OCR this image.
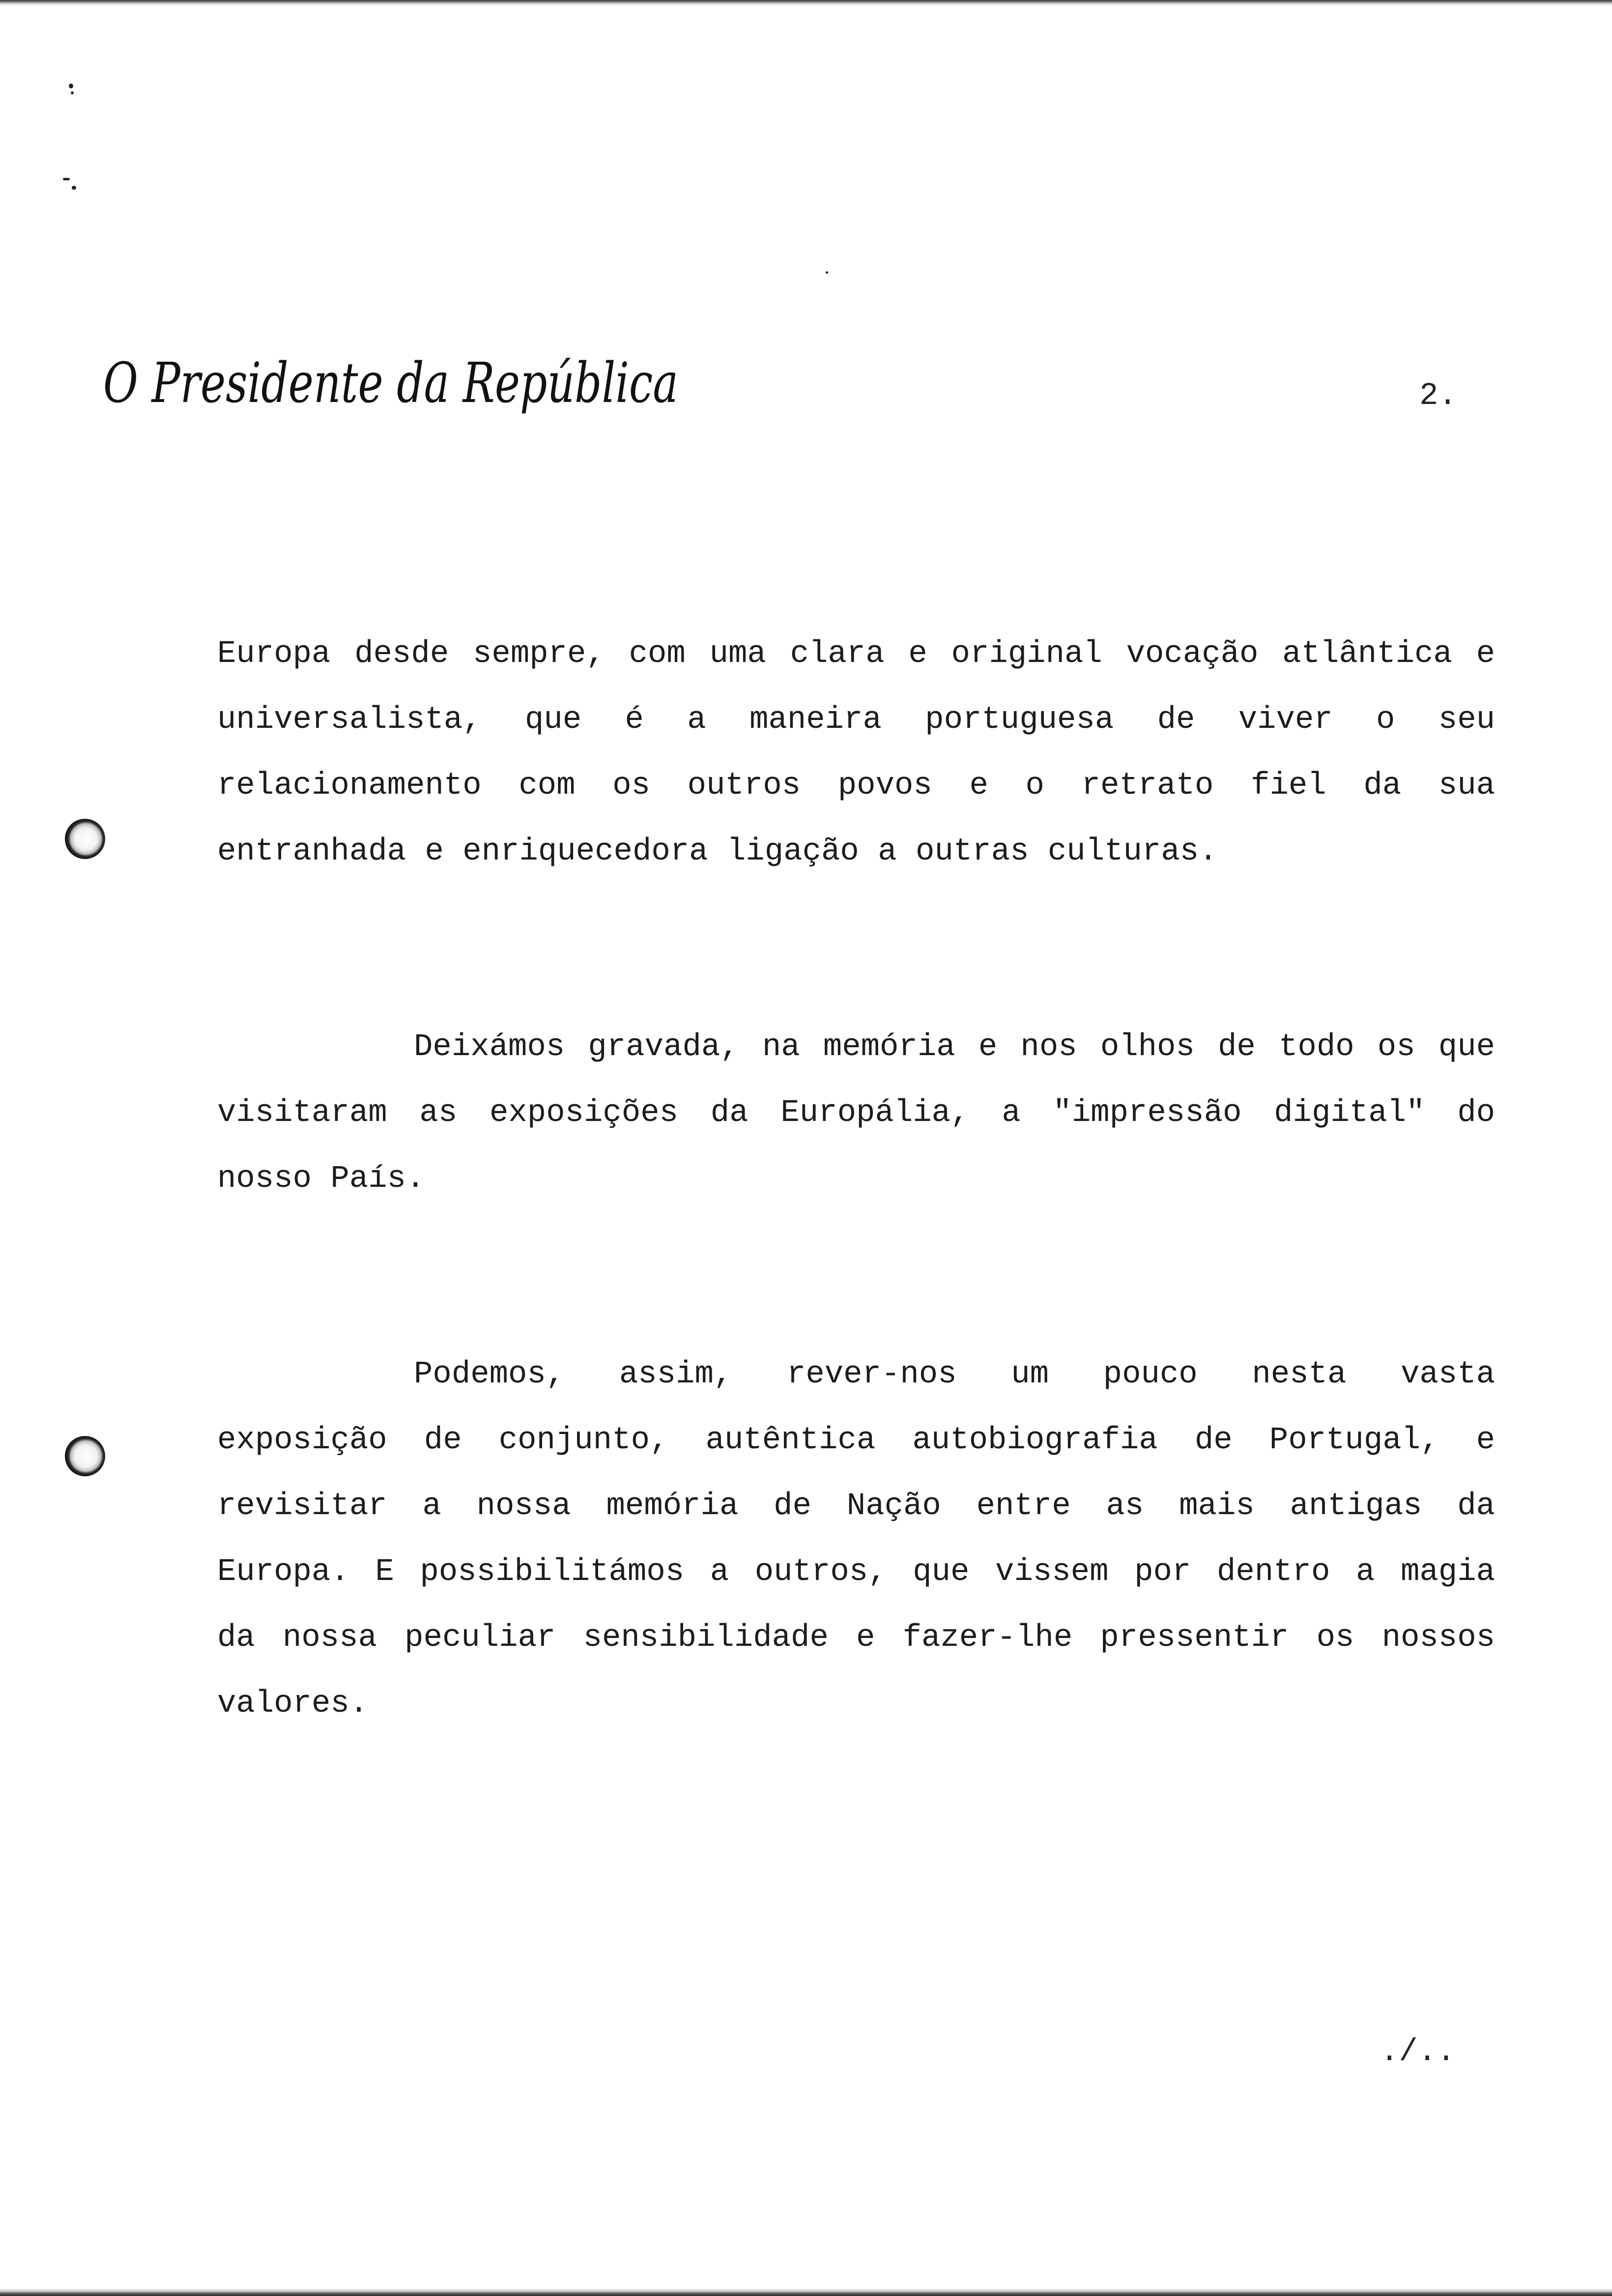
O Presidente da República	2.
Europa desde sempre, com uma clara e original vocação atlântica e
universalista, que é a maneira portuguesa de viver o seu
relacionamento com os outros povos e o retrato fiel da sua
entranhada e enriquecedora ligação a outras culturas.
Deixámos gravada, na memória e nos olhos de todo os que
visitaram as exposições da Europália, a "impressão digital" do
nosso País.
Podemos, assim, rever-nos um pouco nesta vasta
exposição de conjunto, autêntica autobiografia de Portugal, e
revisitar a nossa memória de Nação entre as mais antigas da
Europa. E possibilitámos a outros, que vissem por dentro a magia
da nossa peculiar sensibilidade e fazer-lhe pressentir os nossos
valores.
./..
